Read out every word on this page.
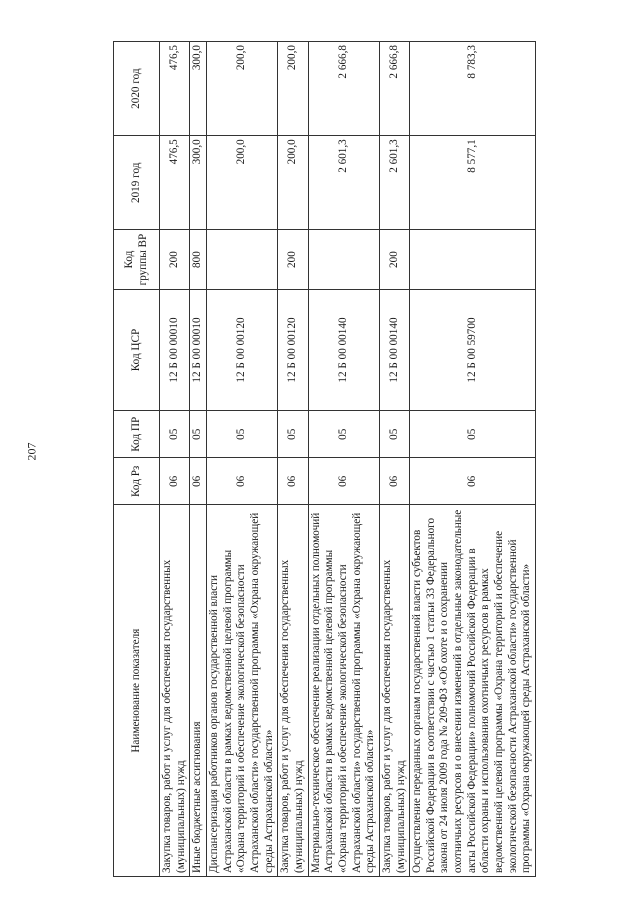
207
Наименование показателя	Код Рз	Код ПР	Код ЦСР	Код группы ВР	2019 год	2020 год
Закупка товаров, работ и услуг для обеспечения государственных (муниципальных) нужд	06	05	12 Б 00 00010	200	476,5	476,5
Иные бюджетные ассигнования	06	05	12 Б 00 00010	800	300,0	300,0
Диспансеризация работников органов государственной власти Астраханской области в рамках ведомственной целевой программы «Охрана территорий и обеспечение экологической безопасности Астраханской области» государственной программы «Охрана окружающей среды Астраханской области»	06	05	12 Б 00 00120		200,0	200,0
Закупка товаров, работ и услуг для обеспечения государственных (муниципальных) нужд	06	05	12 Б 00 00120	200	200,0	200,0
Материально-техническое обеспечение реализации отдельных полномочий Астраханской области в рамках ведомственной целевой программы «Охрана территорий и обеспечение экологической безопасности Астраханской области» государственной программы «Охрана окружающей среды Астраханской области»	06	05	12 Б 00 00140		2 601,3	2 666,8
Закупка товаров, работ и услуг для обеспечения государственных (муниципальных) нужд	06	05	12 Б 00 00140	200	2 601,3	2 666,8
Осуществление переданных органам государственной власти субъектов Российской Федерации в соответствии с частью 1 статьи 33 Федерального закона от 24 июля 2009 года № 209-ФЗ «Об охоте и о сохранении охотничьих ресурсов и о внесении изменений в отдельные законодательные акты Российской Федерации» полномочий Российской Федерации в области охраны и использования охотничьих ресурсов в рамках ведомственной целевой программы «Охрана территорий и обеспечение экологической безопасности Астраханской области» государственной программы «Охрана окружающей среды Астраханской области»	06	05	12 Б 00 59700		8 577,1	8 783,3
